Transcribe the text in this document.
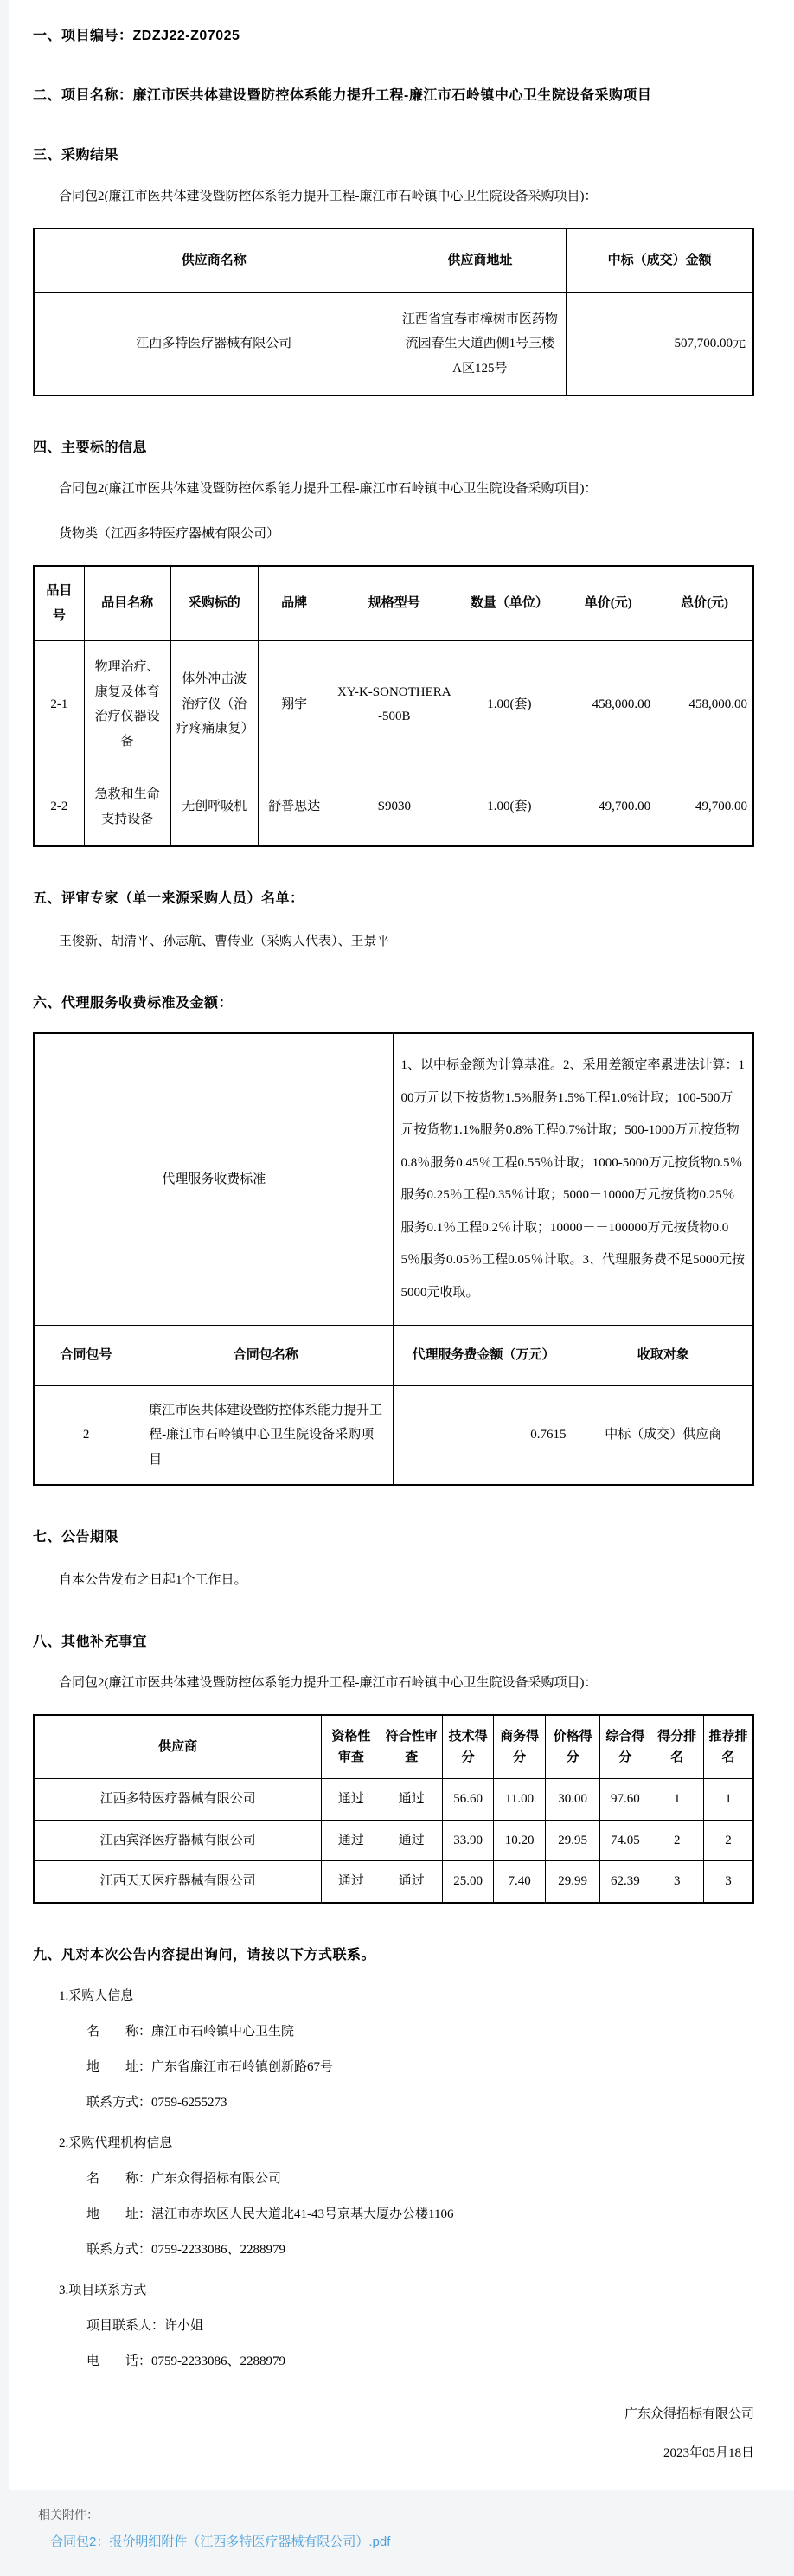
一、项目编号：ZDZJ22-Z07025
二、项目名称：廉江市医共体建设暨防控体系能力提升工程-廉江市石岭镇中心卫生院设备采购项目
三、采购结果
合同包2(廉江市医共体建设暨防控体系能力提升工程-廉江市石岭镇中心卫生院设备采购项目)：
供应商名称	供应商地址	中标（成交）金额
江西多特医疗器械有限公司	江西省宜春市樟树市医药物流园春生大道西侧1号三楼A区125号	507,700.00元
四、主要标的信息
合同包2(廉江市医共体建设暨防控体系能力提升工程-廉江市石岭镇中心卫生院设备采购项目)：
货物类（江西多特医疗器械有限公司）
品目号	品目名称	采购标的	品牌	规格型号	数量（单位）	单价(元)	总价(元)
2-1	物理治疗、康复及体育治疗仪器设备	体外冲击波治疗仪（治疗疼痛康复）	翔宇	XY-K-SONOTHERA-500B	1.00(套)	458,000.00	458,000.00
2-2	急救和生命支持设备	无创呼吸机	舒普思达	S9030	1.00(套)	49,700.00	49,700.00
五、评审专家（单一来源采购人员）名单：
王俊新、胡清平、孙志航、曹传业（采购人代表）、王景平
六、代理服务收费标准及金额：
代理服务收费标准		1、以中标金额为计算基准。2、采用差额定率累进法计算：100万元以下按货物1.5%服务1.5%工程1.0%计取；100-500万元按货物1.1%服务0.8%工程0.7%计取；500-1000万元按货物0.8％服务0.45％工程0.55％计取；1000-5000万元按货物0.5％服务0.25％工程0.35％计取；5000－10000万元按货物0.25％服务0.1％工程0.2％计取；10000－－100000万元按货物0.05％服务0.05％工程0.05％计取。3、代理服务费不足5000元按5000元收取。	
合同包号	合同包名称	代理服务费金额（万元）	收取对象
2	廉江市医共体建设暨防控体系能力提升工程-廉江市石岭镇中心卫生院设备采购项目	0.7615	中标（成交）供应商
七、公告期限
自本公告发布之日起1个工作日。
八、其他补充事宜
合同包2(廉江市医共体建设暨防控体系能力提升工程-廉江市石岭镇中心卫生院设备采购项目)：
供应商	资格性审查	符合性审查	技术得分	商务得分	价格得分	综合得分	得分排名	推荐排名
江西多特医疗器械有限公司	通过	通过	56.60	11.00	30.00	97.60	1	1
江西宾泽医疗器械有限公司	通过	通过	33.90	10.20	29.95	74.05	2	2
江西天天医疗器械有限公司	通过	通过	25.00	7.40	29.99	62.39	3	3
九、凡对本次公告内容提出询问，请按以下方式联系。
1.采购人信息
名　　称：廉江市石岭镇中心卫生院
地　　址：广东省廉江市石岭镇创新路67号
联系方式：0759-6255273
2.采购代理机构信息
名　　称：广东众得招标有限公司
地　　址：湛江市赤坎区人民大道北41-43号京基大厦办公楼1106
联系方式：0759-2233086、2288979
3.项目联系方式
项目联系人：许小姐
电　　话：0759-2233086、2288979
广东众得招标有限公司
2023年05月18日
相关附件：
合同包2：报价明细附件（江西多特医疗器械有限公司）.pdf
